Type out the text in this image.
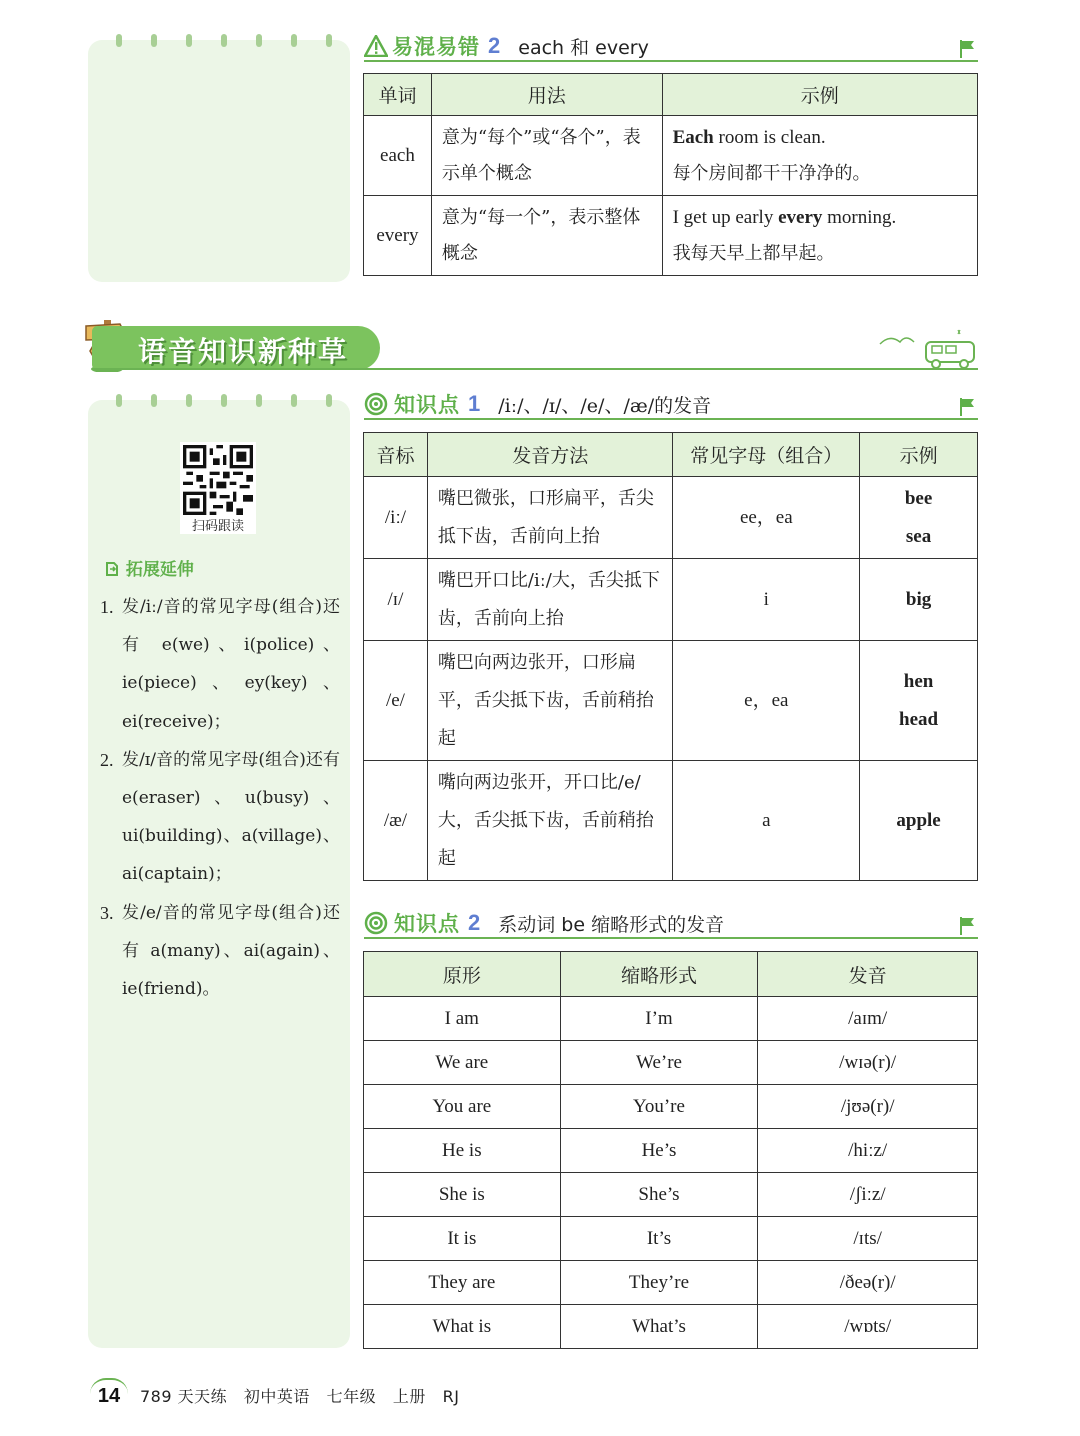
易混易错 2 each 和 every
单词	用法	示例
each	意为“每个”或“各个”，表示单个概念	Each room is clean.
每个房间都干干净净的。

every	意为“每一个”，表示整体概念	I get up early every morning.
我每天早上都早起。
语音知识新种草
扫码跟读
拓展延伸
1. 发/iː/音的常见字母(组合)还有 e(we)、i(police)、ie(piece)、ey(key)、ei(receive)；
2. 发/ɪ/音的常见字母(组合)还有 e(eraser)、u(busy)、ui(building)、a(village)、ai(captain)；
3. 发/e/音的常见字母(组合)还有 a(many)、ai(again)、ie(friend)。
知识点 1 /iː/、/ɪ/、/e/、/æ/的发音
音标	发音方法	常见字母（组合）	示例
/iː/	嘴巴微张，口形扁平，舌尖抵下齿，舌前向上抬	ee，ea	bee
sea

/ɪ/	嘴巴开口比/iː/大，舌尖抵下齿，舌前向上抬	i	big

/e/	嘴巴向两边张开，口形扁平，舌尖抵下齿，舌前稍抬起	e，ea	hen
head

/æ/	嘴向两边张开，开口比/e/大，舌尖抵下齿，舌前稍抬起	a	apple
知识点 2 系动词 be 缩略形式的发音
原形	缩略形式	发音
I am	I’m	/aɪm/
We are	We’re	/wɪə(r)/
You are	You’re	/jʊə(r)/
He is	He’s	/hiːz/
She is	She’s	/ʃiːz/
It is	It’s	/ɪts/
They are	They’re	/ðeə(r)/
What is	What’s	/wɒts/
14	789 天天练   初中英语   七年级   上册   RJ
